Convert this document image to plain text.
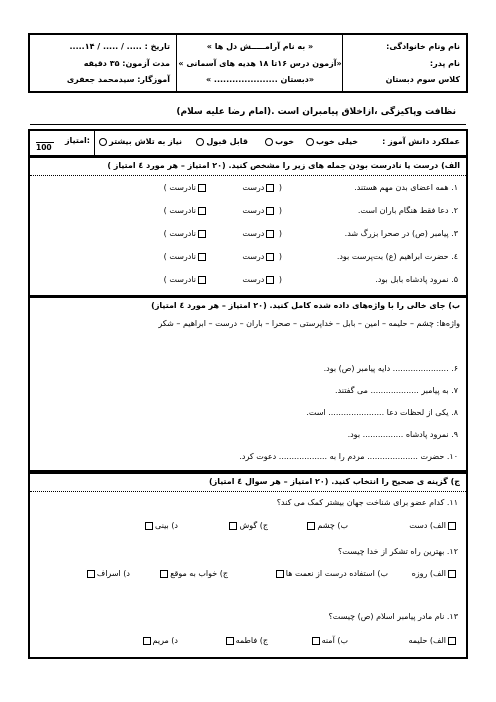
تاریخ : ..... / ..... / ۱۴.....
مدت آزمون: ۳۵ دقیقه
آموزگار: سیدمحمد جعفری
« به نام آرامـــــش دل ها »
«آزمون درس ۱۶تا ۱۸ هدیه های آسمانی »
«دبستان ..................... »
نام ونام خانوادگی:
نام پدر:
کلاس سوم دبستان
نظافت وپاکیزگی ،ازاخلاق پیامبران است .(امام رضا علیه سلام)
امتیاز:
100
عملکرد دانش آموز :
خیلی خوب
خوب
قابل قبول
نیاز به تلاش بیشتر
الف) درست یا نادرست بودن جمله های زیر را مشخص کنید. (۲۰ امتیاز – هر مورد ٤ امتیاز )
۱. همه اعضای بدن مهم هستند.
( درست
نادرست )
۲. دعا فقط هنگام باران است.
( درست
نادرست )
۳. پیامبر (ص) در صحرا بزرگ شد.
( درست
نادرست )
٤. حضرت ابراهیم (ع) بت‌پرست بود.
( درست
نادرست )
۵. نمرود پادشاه بابل بود.
( درست
نادرست )
ب) جای خالی را با واژه‌های داده شده کامل کنید. (۲۰ امتیاز – هر مورد ٤ امتیاز)
واژه‌ها: چشم – حلیمه – امین – بابل – خداپرستی – صحرا – باران – درست – ابراهیم – شکر
۶. ...................... دایه پیامبر (ص) بود.
۷. به پیامبر ................... می گفتند.
۸. یکی از لحظات دعا ...................... است.
۹. نمرود پادشاه ................ بود.
۱۰. حضرت .................... مردم را به ................... دعوت کرد.
ج) گزینه ی صحیح را انتخاب کنید. (۲۰ امتیاز – هر سوال ٤ امتیاز)
۱۱. کدام عضو برای شناخت جهان بیشتر کمک می کند؟
الف) دست
ب) چشم
ج) گوش
د) بینی
۱۲. بهترین راه تشکر از خدا چیست؟
الف) روزه
ب) استفاده درست از نعمت ها
ج) خواب به موقع
د) اسراف
۱۳. نام مادر پیامبر اسلام (ص) چیست؟
الف) حلیمه
ب) آمنه
ج) فاطمه
د) مریم
